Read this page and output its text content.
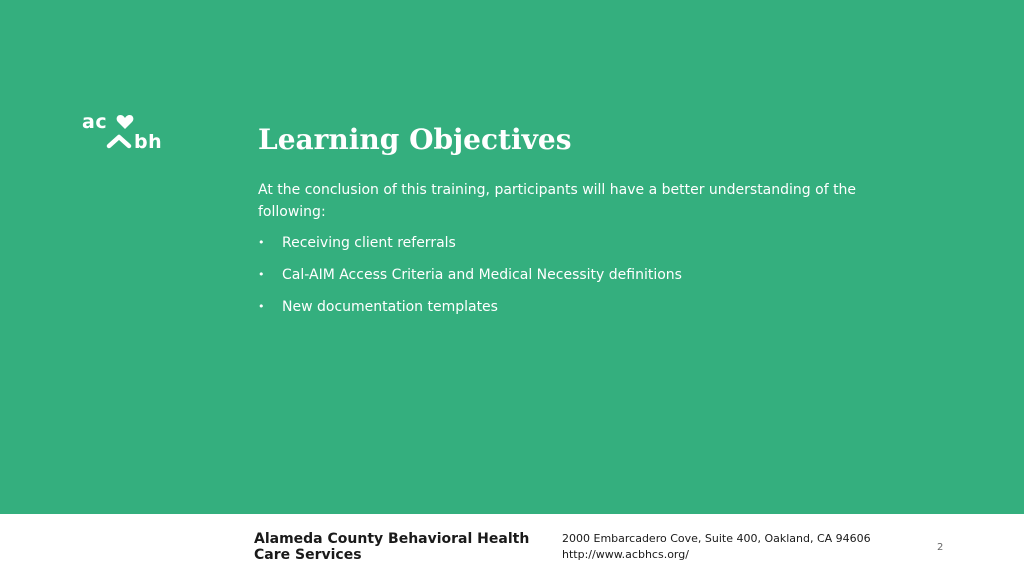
ac
bh	Learning Objectives

At the conclusion of this training, participants will have a better understanding of the following:

• Receiving client referrals
• Cal-AIM Access Criteria and Medical Necessity definitions
• New documentation templates
Alameda County Behavioral Health
Care Services
2000 Embarcadero Cove, Suite 400, Oakland, CA 94606
http://www.acbhcs.org/
2
